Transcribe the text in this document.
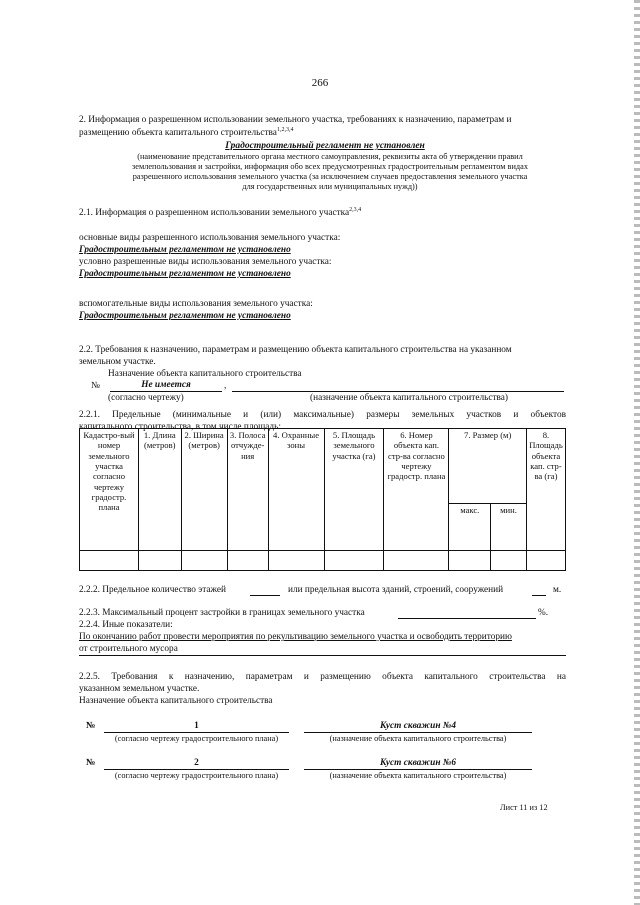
266
2. Информация о разрешенном использовании земельного участка, требованиях к назначению, параметрам и
размещению объекта капитального строительства$^{1,2,3,4}$
Градостроительный регламент не установлен
(наименование представительного органа местного самоуправления, реквизиты акта об утверждении правил
землепользования и застройки, информация обо всех предусмотренных градостроительным регламентом видах
разрешенного использования земельного участка (за исключением случаев предоставления земельного участка
для государственных или муниципальных нужд))
2.1. Информация о разрешенном использовании земельного участка$^{2,3,4}$
основные виды разрешенного использования земельного участка:
Градостроительным регламентом не установлено
условно разрешенные виды использования земельного участка:
Градостроительным регламентом не установлено
вспомогательные виды использования земельного участка:
Градостроительным регламентом не установлено
2.2. Требования к назначению, параметрам и размещению объекта капитального строительства на указанном
земельном участке.
Назначение объекта капитального строительства
№	Не имеется	,
(согласно чертежу)	(назначение объекта капитального строительства)
2.2.1. Предельные (минимальные и (или) максимальные) размеры земельных участков и объектов
капитального строительства, в том числе площадь:
Кадастро-вый номер земельного участка согласно чертежу градостр. плана	1. Длина (метров)	2. Ширина (метров)	3. Полоса отчужде-ния	4. Охранные зоны	5. Площадь земельного участка (га)	6. Номер объекта кап. стр-ва согласно чертежу градостр. плана	7. Размер (м)		8. Площадь объекта кап. стр-ва (га)
							макс.	мин.	

2.2.2. Предельное количество этажей	или предельная высота зданий, строений, сооружений	м.
2.2.3. Максимальный процент застройки в границах земельного участка	%.
2.2.4. Иные показатели:
По окончанию работ провести мероприятия по рекультивацию земельного участка и освободить территорию
от строительного мусора
2.2.5. Требования к назначению, параметрам и размещению объекта капитального строительства на
указанном земельном участке.
Назначение объекта капитального строительства
№	1	Куст скважин №4
(согласно чертежу градостроительного плана)	(назначение объекта капитального строительства)
№	2	Куст скважин №6
(согласно чертежу градостроительного плана)	(назначение объекта капитального строительства)
Лист 11 из 12
